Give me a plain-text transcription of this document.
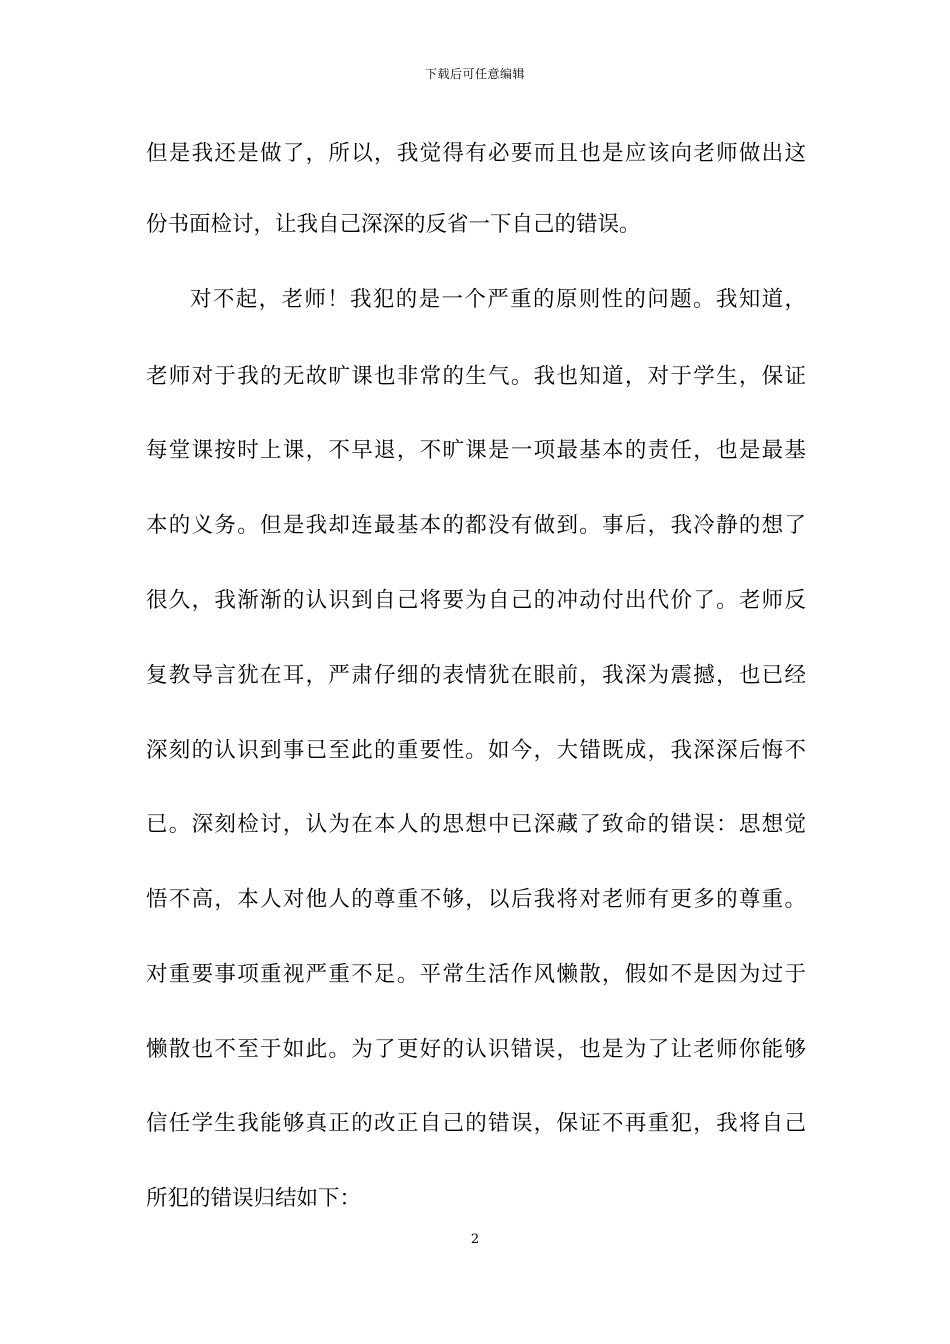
下载后可任意编辑
但是我还是做了，所以，我觉得有必要而且也是应该向老师做出这
份书面检讨，让我自己深深的反省一下自己的错误。
对不起，老师！我犯的是一个严重的原则性的问题。我知道，
老师对于我的无故旷课也非常的生气。我也知道，对于学生，保证
每堂课按时上课，不早退，不旷课是一项最基本的责任，也是最基
本的义务。但是我却连最基本的都没有做到。事后，我冷静的想了
很久，我渐渐的认识到自己将要为自己的冲动付出代价了。老师反
复教导言犹在耳，严肃仔细的表情犹在眼前，我深为震撼，也已经
深刻的认识到事已至此的重要性。如今，大错既成，我深深后悔不
已。深刻检讨，认为在本人的思想中已深藏了致命的错误：思想觉
悟不高，本人对他人的尊重不够，以后我将对老师有更多的尊重。
对重要事项重视严重不足。平常生活作风懒散，假如不是因为过于
懒散也不至于如此。为了更好的认识错误，也是为了让老师你能够
信任学生我能够真正的改正自己的错误，保证不再重犯，我将自己
所犯的错误归结如下：
2
